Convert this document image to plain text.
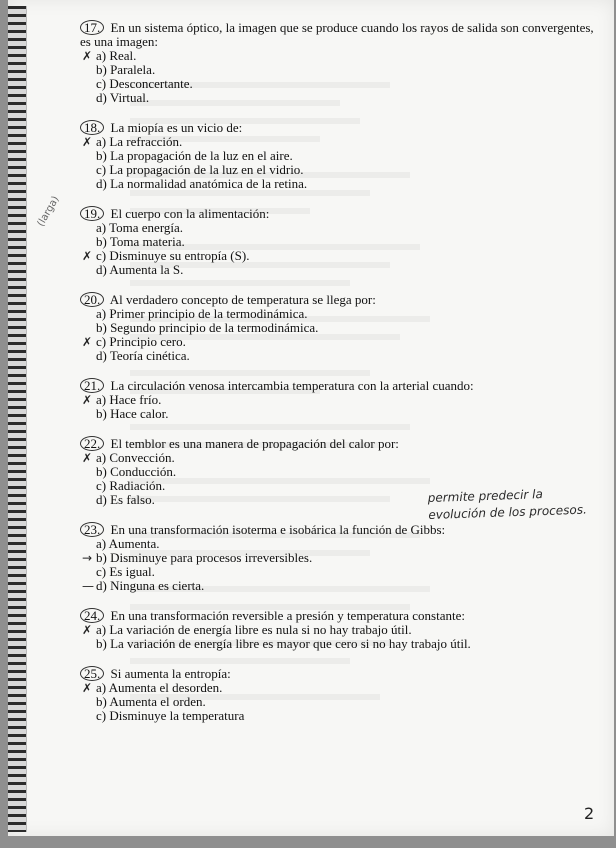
(larga)

17. En un sistema óptico, la imagen que se produce cuando los rayos de salida son convergentes, es una imagen:

✗ a) Real.
b) Paralela.
c) Desconcertante.
d) Virtual.

18. La miopía es un vicio de:

✗ a) La refracción.
b) La propagación de la luz en el aire.
c) La propagación de la luz en el vidrio.
d) La normalidad anatómica de la retina.

19. El cuerpo con la alimentación:

a) Toma energía.
b) Toma materia.
✗ c) Disminuye su entropía (S).
d) Aumenta la S.

20. Al verdadero concepto de temperatura se llega por:

a) Primer principio de la termodinámica.
b) Segundo principio de la termodinámica.
✗ c) Principio cero.
d) Teoría cinética.

21. La circulación venosa intercambia temperatura con la arterial cuando:

✗ a) Hace frío.
b) Hace calor.

22. El temblor es una manera de propagación del calor por:

✗ a) Convección.
b) Conducción.
c) Radiación.
d) Es falso.

23. En una transformación isoterma e isobárica la función de Gibbs:

a) Aumenta.
→ b) Disminuye para procesos irreversibles.
c) Es igual.
— d) Ninguna es cierta.

24. En una transformación reversible a presión y temperatura constante:

✗ a) La variación de energía libre es nula si no hay trabajo útil.
b) La variación de energía libre es mayor que cero si no hay trabajo útil.

25. Si aumenta la entropía:

✗ a) Aumenta el desorden.
b) Aumenta el orden.
c) Disminuye la temperatura
permite predecir la evolución de los procesos.
2
